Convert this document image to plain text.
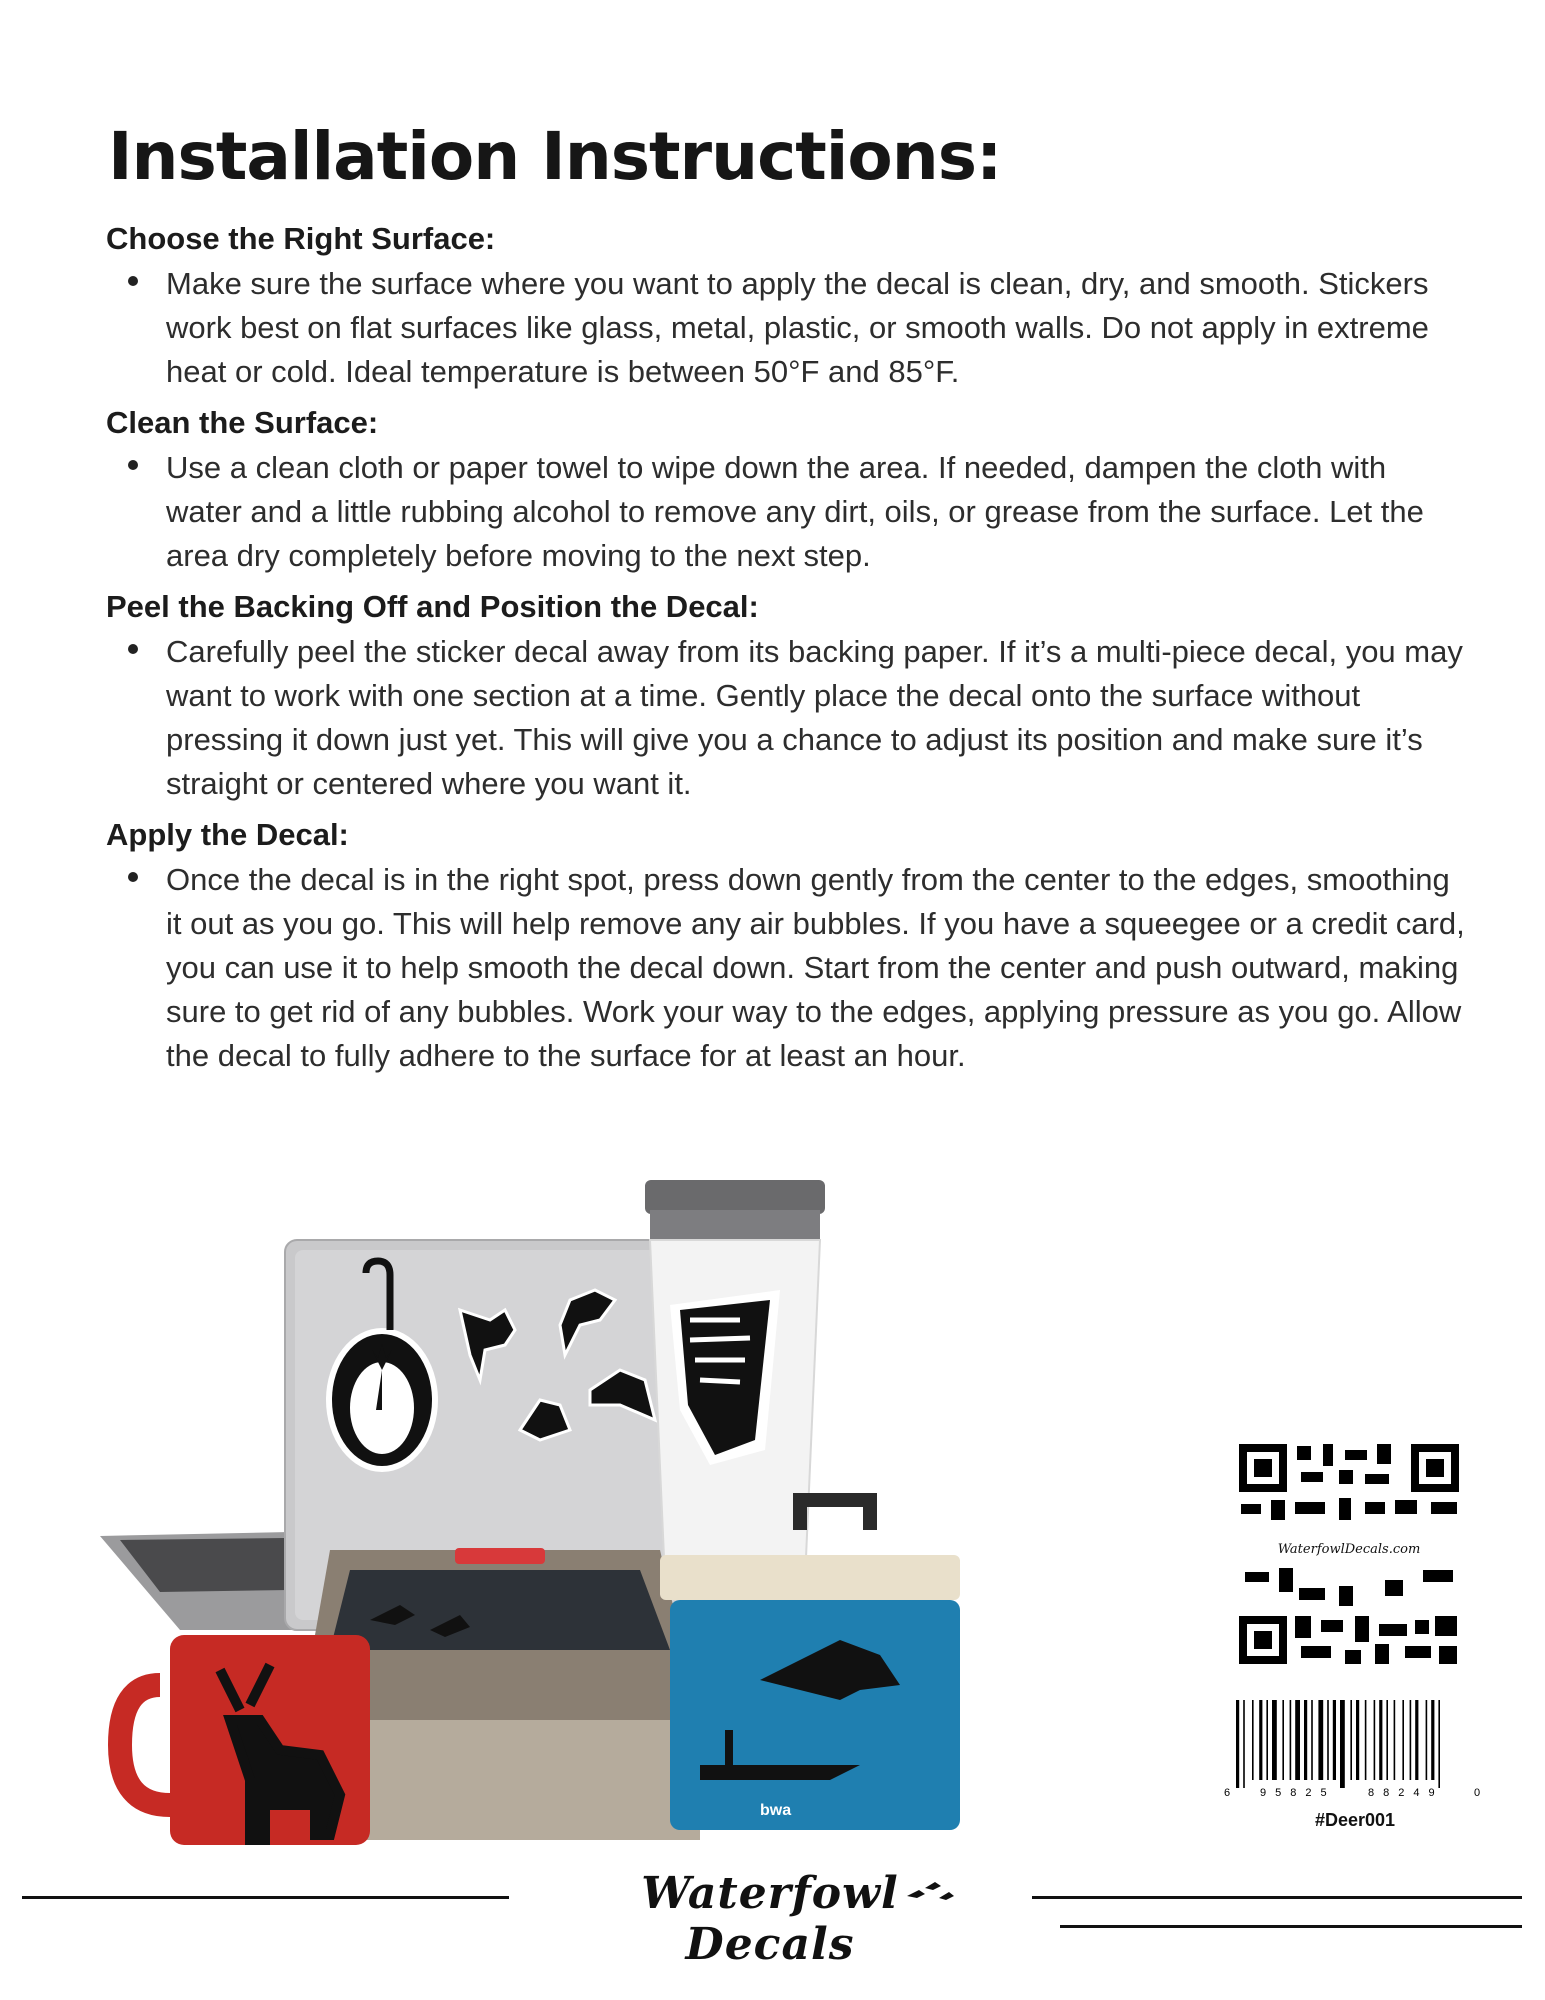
Installation Instructions:
Choose the Right Surface:
Make sure the surface where you want to apply the decal is clean, dry, and smooth. Stickers work best on flat surfaces like glass, metal, plastic, or smooth walls. Do not apply in extreme heat or cold. Ideal temperature is between 50°F and 85°F.
Clean the Surface:
Use a clean cloth or paper towel to wipe down the area. If needed, dampen the cloth with water and a little rubbing alcohol to remove any dirt, oils, or grease from the surface. Let the area dry completely before moving to the next step.
Peel the Backing Off and Position the Decal:
Carefully peel the sticker decal away from its backing paper. If it’s a multi-piece decal, you may want to work with one section at a time. Gently place the decal onto the surface without pressing it down just yet. This will give you a chance to adjust its position and make sure it’s straight or centered where you want it.
Apply the Decal:
Once the decal is in the right spot, press down gently from the center to the edges, smoothing it out as you go. This will help remove any air bubbles. If you have a squeegee or a credit card, you can use it to help smooth the decal down. Start from the center and push outward, making sure to get rid of any bubbles. Work your way to the edges, applying pressure as you go. Allow the decal to fully adhere to the surface for at least an hour.
bwa
WaterfowlDecals.com
6	95825	88249	0
#Deer001
Waterfowl Decals
